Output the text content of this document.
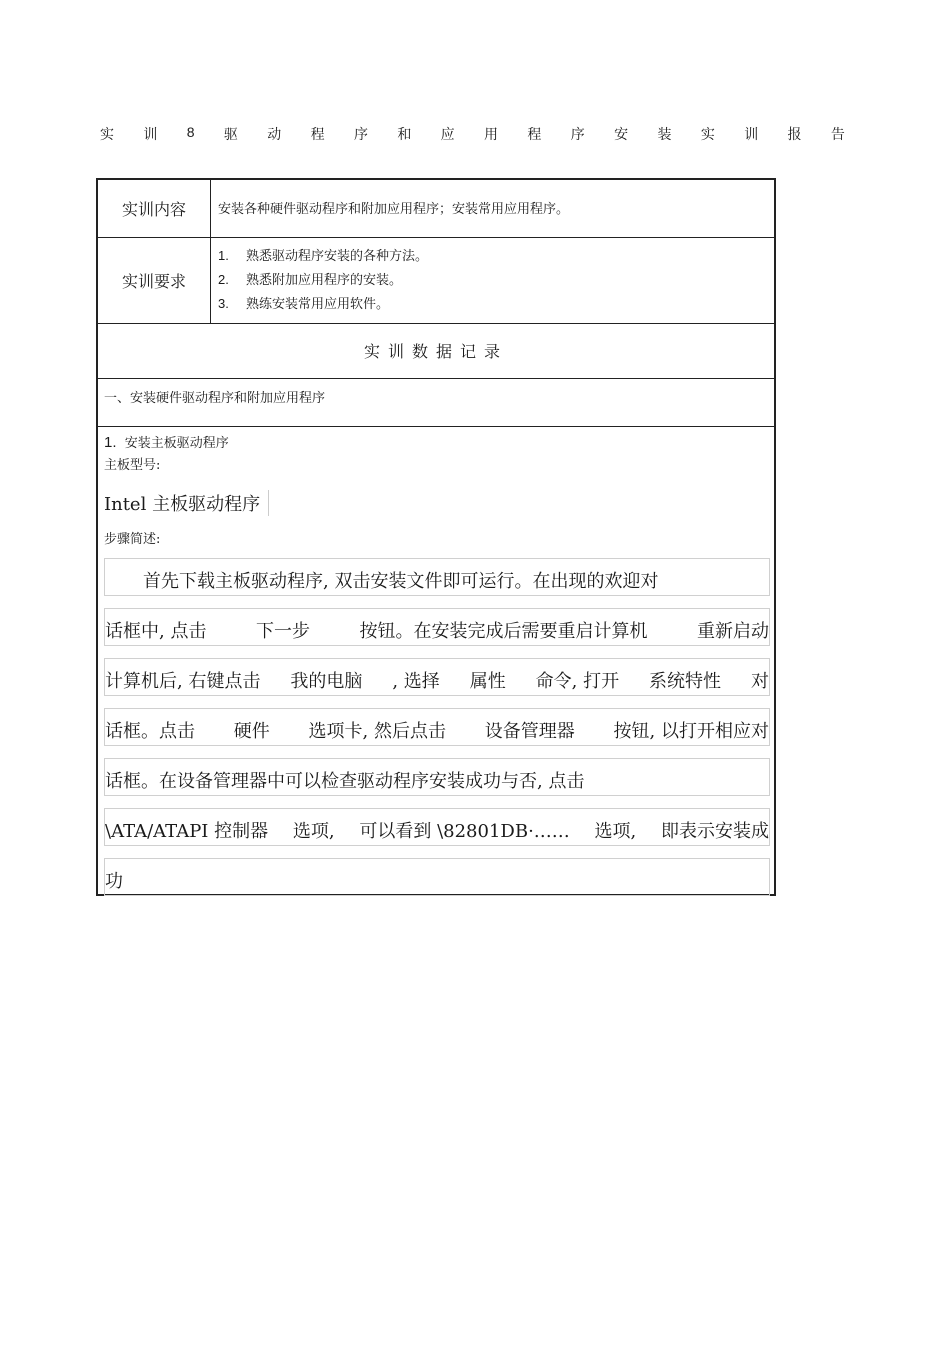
实 训 8 驱 动 程 序 和 应 用 程 序 安 装 实 训 报 告
实训内容	安装各种硬件驱动程序和附加应用程序；安装常用应用程序。
实训要求
1. 熟悉驱动程序安装的各种方法。
2. 熟悉附加应用程序的安装。
3. 熟练安装常用应用软件。
实训数据记录
一、安装硬件驱动程序和附加应用程序
1. 安装主板驱动程序
主板型号:
Intel 主板驱动程序
步骤简述:
首先下载主板驱动程序, 双击安装文件即可运行。在出现的欢迎对
话框中, 点击	下一步	按钮。在安装完成后需要重启计算机	重新启动
计算机后, 右键点击 我的电脑 , 选择 属性 命令, 打开 系统特性 对
话框。点击 硬件 选项卡, 然后点击 设备管理器 按钮, 以打开相应对
话框。在设备管理器中可以检查驱动程序安装成功与否, 点击
\ATA/ATAPI 控制器 选项, 可以看到 \82801DB·…… 选项, 即表示安装成
功
